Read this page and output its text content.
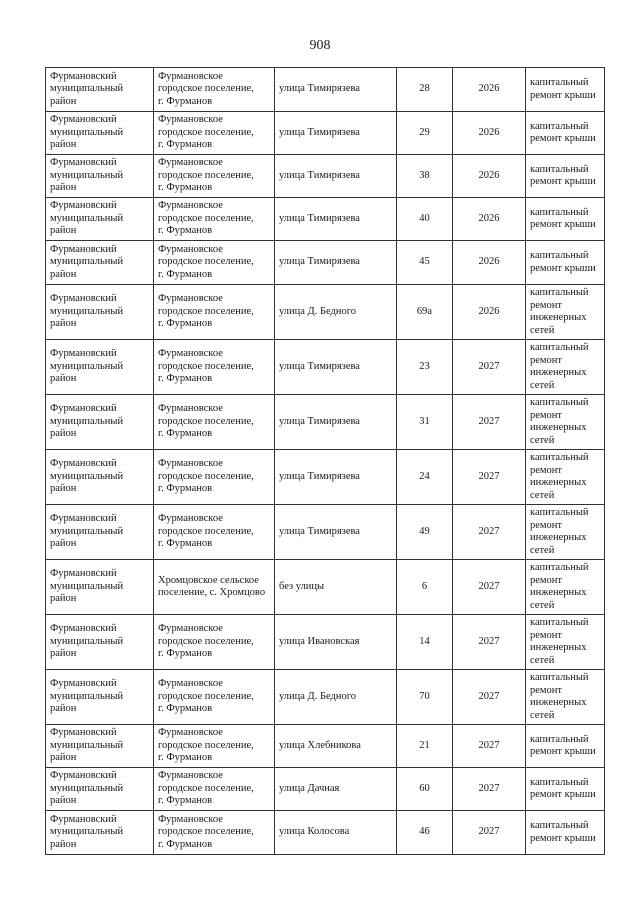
908
Фурмановский
муниципальный
район	Фурмановское
городское поселение,
г. Фурманов	улица Тимирязева	28	2026	капитальный
ремонт крыши

Фурмановский
муниципальный
район	Фурмановское
городское поселение,
г. Фурманов	улица Тимирязева	29	2026	капитальный
ремонт крыши

Фурмановский
муниципальный
район	Фурмановское
городское поселение,
г. Фурманов	улица Тимирязева	38	2026	капитальный
ремонт крыши

Фурмановский
муниципальный
район	Фурмановское
городское поселение,
г. Фурманов	улица Тимирязева	40	2026	капитальный
ремонт крыши

Фурмановский
муниципальный
район	Фурмановское
городское поселение,
г. Фурманов	улица Тимирязева	45	2026	капитальный
ремонт крыши

Фурмановский
муниципальный
район	Фурмановское
городское поселение,
г. Фурманов	улица Д. Бедного	69а	2026	капитальный
ремонт
инженерных
сетей

Фурмановский
муниципальный
район	Фурмановское
городское поселение,
г. Фурманов	улица Тимирязева	23	2027	капитальный
ремонт
инженерных
сетей

Фурмановский
муниципальный
район	Фурмановское
городское поселение,
г. Фурманов	улица Тимирязева	31	2027	капитальный
ремонт
инженерных
сетей

Фурмановский
муниципальный
район	Фурмановское
городское поселение,
г. Фурманов	улица Тимирязева	24	2027	капитальный
ремонт
инженерных
сетей

Фурмановский
муниципальный
район	Фурмановское
городское поселение,
г. Фурманов	улица Тимирязева	49	2027	капитальный
ремонт
инженерных
сетей

Фурмановский
муниципальный
район	Хромцовское сельское
поселение, с. Хромцово	без улицы	6	2027	капитальный
ремонт
инженерных
сетей

Фурмановский
муниципальный
район	Фурмановское
городское поселение,
г. Фурманов	улица Ивановская	14	2027	капитальный
ремонт
инженерных
сетей

Фурмановский
муниципальный
район	Фурмановское
городское поселение,
г. Фурманов	улица Д. Бедного	70	2027	капитальный
ремонт
инженерных
сетей

Фурмановский
муниципальный
район	Фурмановское
городское поселение,
г. Фурманов	улица Хлебникова	21	2027	капитальный
ремонт крыши

Фурмановский
муниципальный
район	Фурмановское
городское поселение,
г. Фурманов	улица Дачная	60	2027	капитальный
ремонт крыши

Фурмановский
муниципальный
район	Фурмановское
городское поселение,
г. Фурманов	улица Колосова	46	2027	капитальный
ремонт крыши
